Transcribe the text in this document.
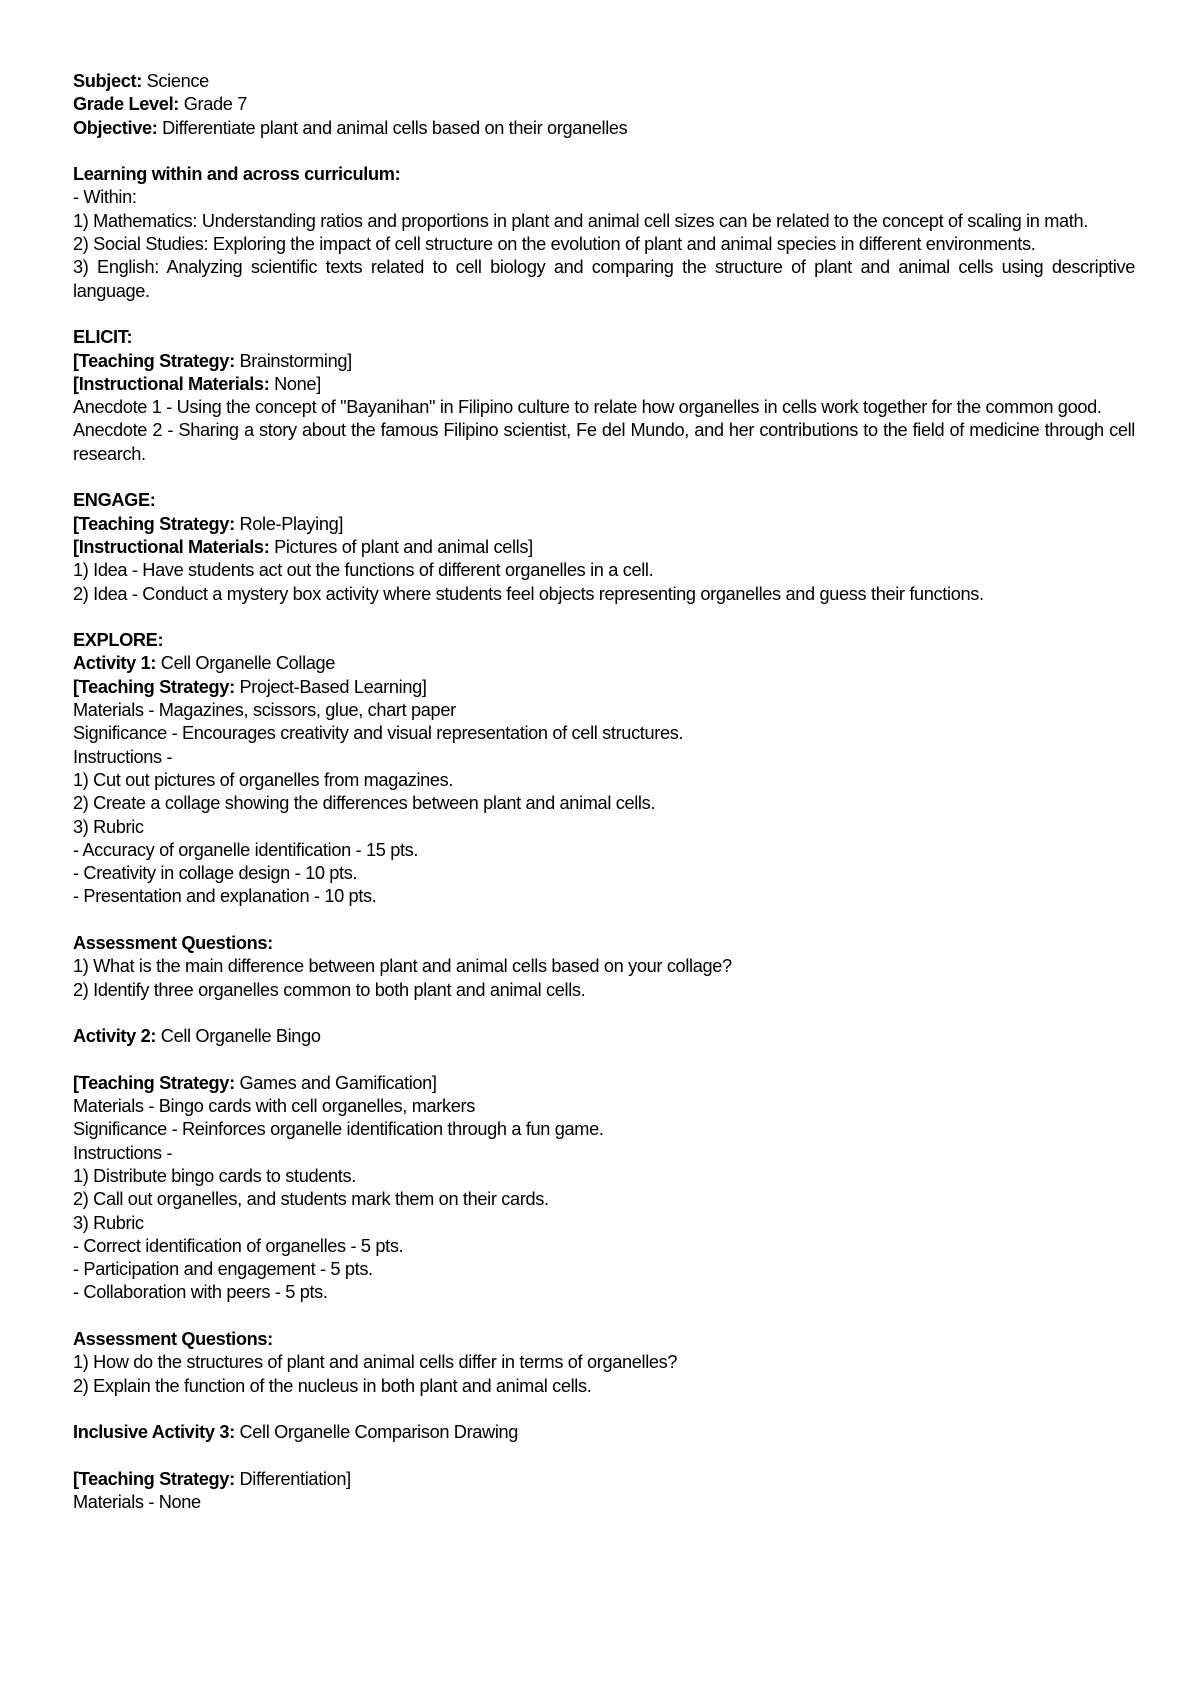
Subject: Science
Grade Level: Grade 7
Objective: Differentiate plant and animal cells based on their organelles
Learning within and across curriculum:
- Within:
1) Mathematics: Understanding ratios and proportions in plant and animal cell sizes can be related to the concept of scaling in math.
2) Social Studies: Exploring the impact of cell structure on the evolution of plant and animal species in different environments.
3) English: Analyzing scientific texts related to cell biology and comparing the structure of plant and animal cells using descriptive language.
ELICIT:
[Teaching Strategy: Brainstorming]
[Instructional Materials: None]
Anecdote 1 - Using the concept of "Bayanihan" in Filipino culture to relate how organelles in cells work together for the common good.
Anecdote 2 - Sharing a story about the famous Filipino scientist, Fe del Mundo, and her contributions to the field of medicine through cell research.
ENGAGE:
[Teaching Strategy: Role-Playing]
[Instructional Materials: Pictures of plant and animal cells]
1) Idea - Have students act out the functions of different organelles in a cell.
2) Idea - Conduct a mystery box activity where students feel objects representing organelles and guess their functions.
EXPLORE:
Activity 1: Cell Organelle Collage
[Teaching Strategy: Project-Based Learning]
Materials - Magazines, scissors, glue, chart paper
Significance - Encourages creativity and visual representation of cell structures.
Instructions -
1) Cut out pictures of organelles from magazines.
2) Create a collage showing the differences between plant and animal cells.
3) Rubric
- Accuracy of organelle identification - 15 pts.
- Creativity in collage design - 10 pts.
- Presentation and explanation - 10 pts.
Assessment Questions:
1) What is the main difference between plant and animal cells based on your collage?
2) Identify three organelles common to both plant and animal cells.
Activity 2: Cell Organelle Bingo
[Teaching Strategy: Games and Gamification]
Materials - Bingo cards with cell organelles, markers
Significance - Reinforces organelle identification through a fun game.
Instructions -
1) Distribute bingo cards to students.
2) Call out organelles, and students mark them on their cards.
3) Rubric
- Correct identification of organelles - 5 pts.
- Participation and engagement - 5 pts.
- Collaboration with peers - 5 pts.
Assessment Questions:
1) How do the structures of plant and animal cells differ in terms of organelles?
2) Explain the function of the nucleus in both plant and animal cells.
Inclusive Activity 3: Cell Organelle Comparison Drawing
[Teaching Strategy: Differentiation]
Materials - None
